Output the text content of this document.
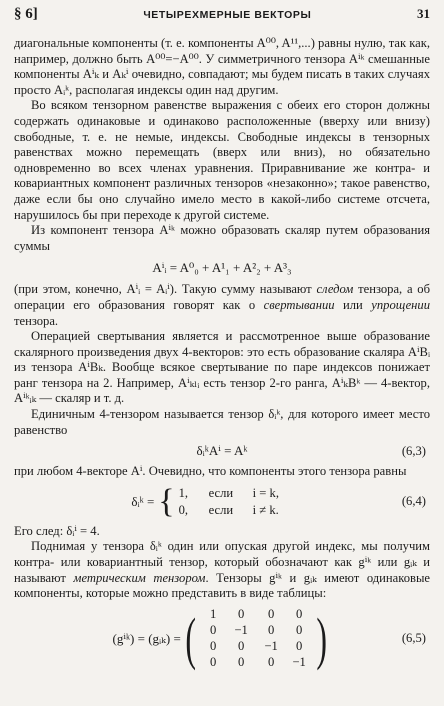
§ 6]	ЧЕТЫРЕХМЕРНЫЕ ВЕКТОРЫ	31

диагональные компоненты (т. е. компоненты A⁰⁰, A¹¹,...) равны нулю, так как, например, должно быть A⁰⁰=−A⁰⁰. У симметричного тензора Aⁱᵏ смешанные компоненты Aⁱₖ и Aₖⁱ очевидно, совпадают; мы будем писать в таких случаях просто Aᵢᵏ, располагая индексы один над другим.

Во всяком тензорном равенстве выражения с обеих его сторон должны содержать одинаковые и одинаково расположенные (вверху или внизу) свободные, т. е. не немые, индексы. Свободные индексы в тензорных равенствах можно перемещать (вверх или вниз), но обязательно одновременно во всех членах уравнения. Приравнивание же контра- и ковариантных компонент различных тензоров «незаконно»; такое равенство, даже если бы оно случайно имело место в какой-либо системе отсчета, нарушилось бы при переходе к другой системе.

Из компонент тензора Aⁱᵏ можно образовать скаляр путем образования суммы

Aⁱᵢ = A⁰₀ + A¹₁ + A²₂ + A³₃

(при этом, конечно, Aⁱᵢ = Aᵢⁱ). Такую сумму называют следом тензора, а об операции его образования говорят как о свертывании или упрощении тензора.

Операцией свертывания является и рассмотренное выше образование скалярного произведения двух 4-векторов: это есть образование скаляра AⁱBᵢ из тензора AⁱBₖ. Вообще всякое свертывание по паре индексов понижает ранг тензора на 2. Например, Aⁱₖₗᵢ есть тензор 2-го ранга, AⁱₖBᵏ — 4-вектор, Aⁱᵏᵢₖ — скаляр и т. д.

Единичным 4-тензором называется тензор δᵢᵏ, для которого имеет место равенство

δᵢᵏAⁱ = Aᵏ	(6,3)

при любом 4-векторе Aⁱ. Очевидно, что компоненты этого тензора равны

δᵢᵏ = { 1,	если	i = k,
0,	если	i ≠ k.
(6,4)

Его след: δᵢⁱ = 4.

Поднимая у тензора δᵢᵏ один или опуская другой индекс, мы получим контра- или ковариантный тензор, который обозначают как gⁱᵏ или gᵢₖ и называют метрическим тензором. Тензоры gⁱᵏ и gᵢₖ имеют одинаковые компоненты, которые можно представить в виде таблицы:

(gⁱᵏ) = (gᵢₖ) = (	1	0	0	0
0	−1	0	0
0	0	−1	0
0	0	0	−1 )	(6,5)
